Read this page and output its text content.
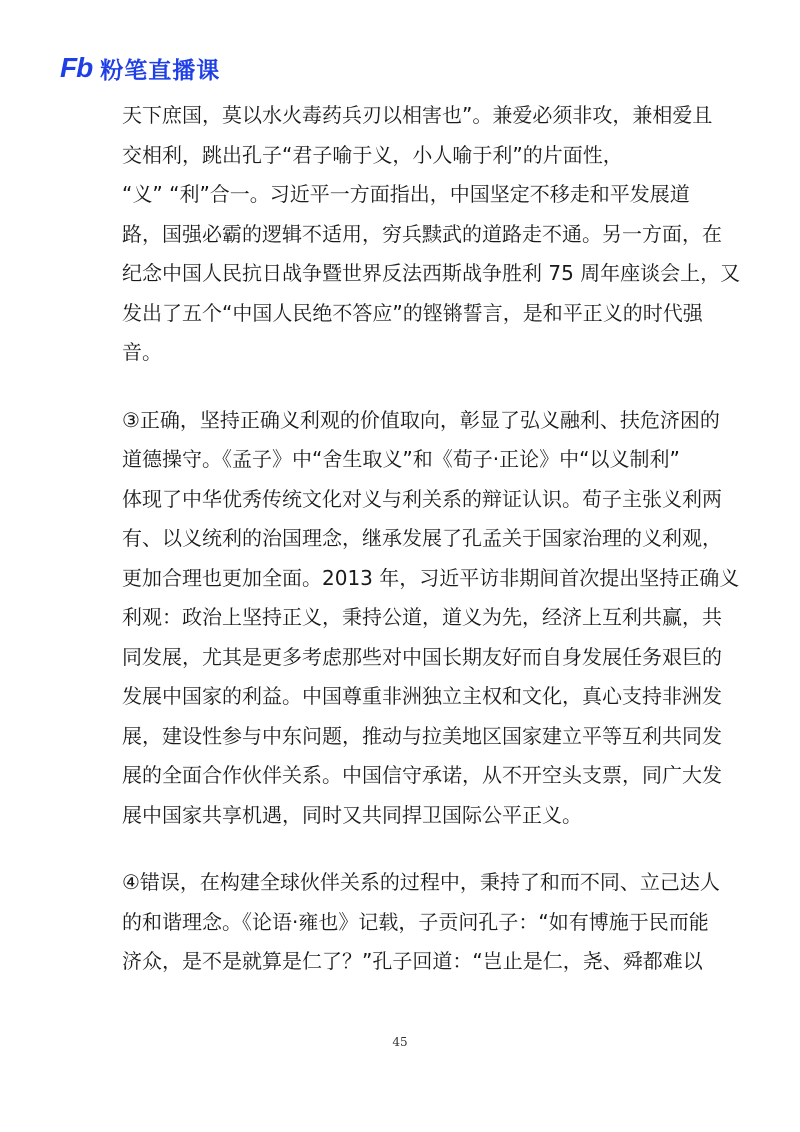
Fb 粉笔直播课
天下庶国，莫以水火毒药兵刃以相害也”。兼爱必须非攻，兼相爱且
交相利，跳出孔子“君子喻于义，小人喻于利”的片面性，
“义” “利”合一。习近平一方面指出，中国坚定不移走和平发展道
路，国强必霸的逻辑不适用，穷兵黩武的道路走不通。另一方面，在
纪念中国人民抗日战争暨世界反法西斯战争胜利 75 周年座谈会上，又
发出了五个“中国人民绝不答应”的铿锵誓言，是和平正义的时代强
音。
③正确，坚持正确义利观的价值取向，彰显了弘义融利、扶危济困的
道德操守。《孟子》中“舍生取义”和《荀子·正论》中“以义制利”
体现了中华优秀传统文化对义与利关系的辩证认识。荀子主张义利两
有、以义统利的治国理念，继承发展了孔孟关于国家治理的义利观，
更加合理也更加全面。2013 年，习近平访非期间首次提出坚持正确义
利观：政治上坚持正义，秉持公道，道义为先，经济上互利共赢，共
同发展，尤其是更多考虑那些对中国长期友好而自身发展任务艰巨的
发展中国家的利益。中国尊重非洲独立主权和文化，真心支持非洲发
展，建设性参与中东问题，推动与拉美地区国家建立平等互利共同发
展的全面合作伙伴关系。中国信守承诺，从不开空头支票，同广大发
展中国家共享机遇，同时又共同捍卫国际公平正义。
④错误，在构建全球伙伴关系的过程中，秉持了和而不同、立己达人
的和谐理念。《论语·雍也》记载，子贡问孔子：“如有博施于民而能
济众，是不是就算是仁了？”孔子回道：“岂止是仁，尧、舜都难以
45
